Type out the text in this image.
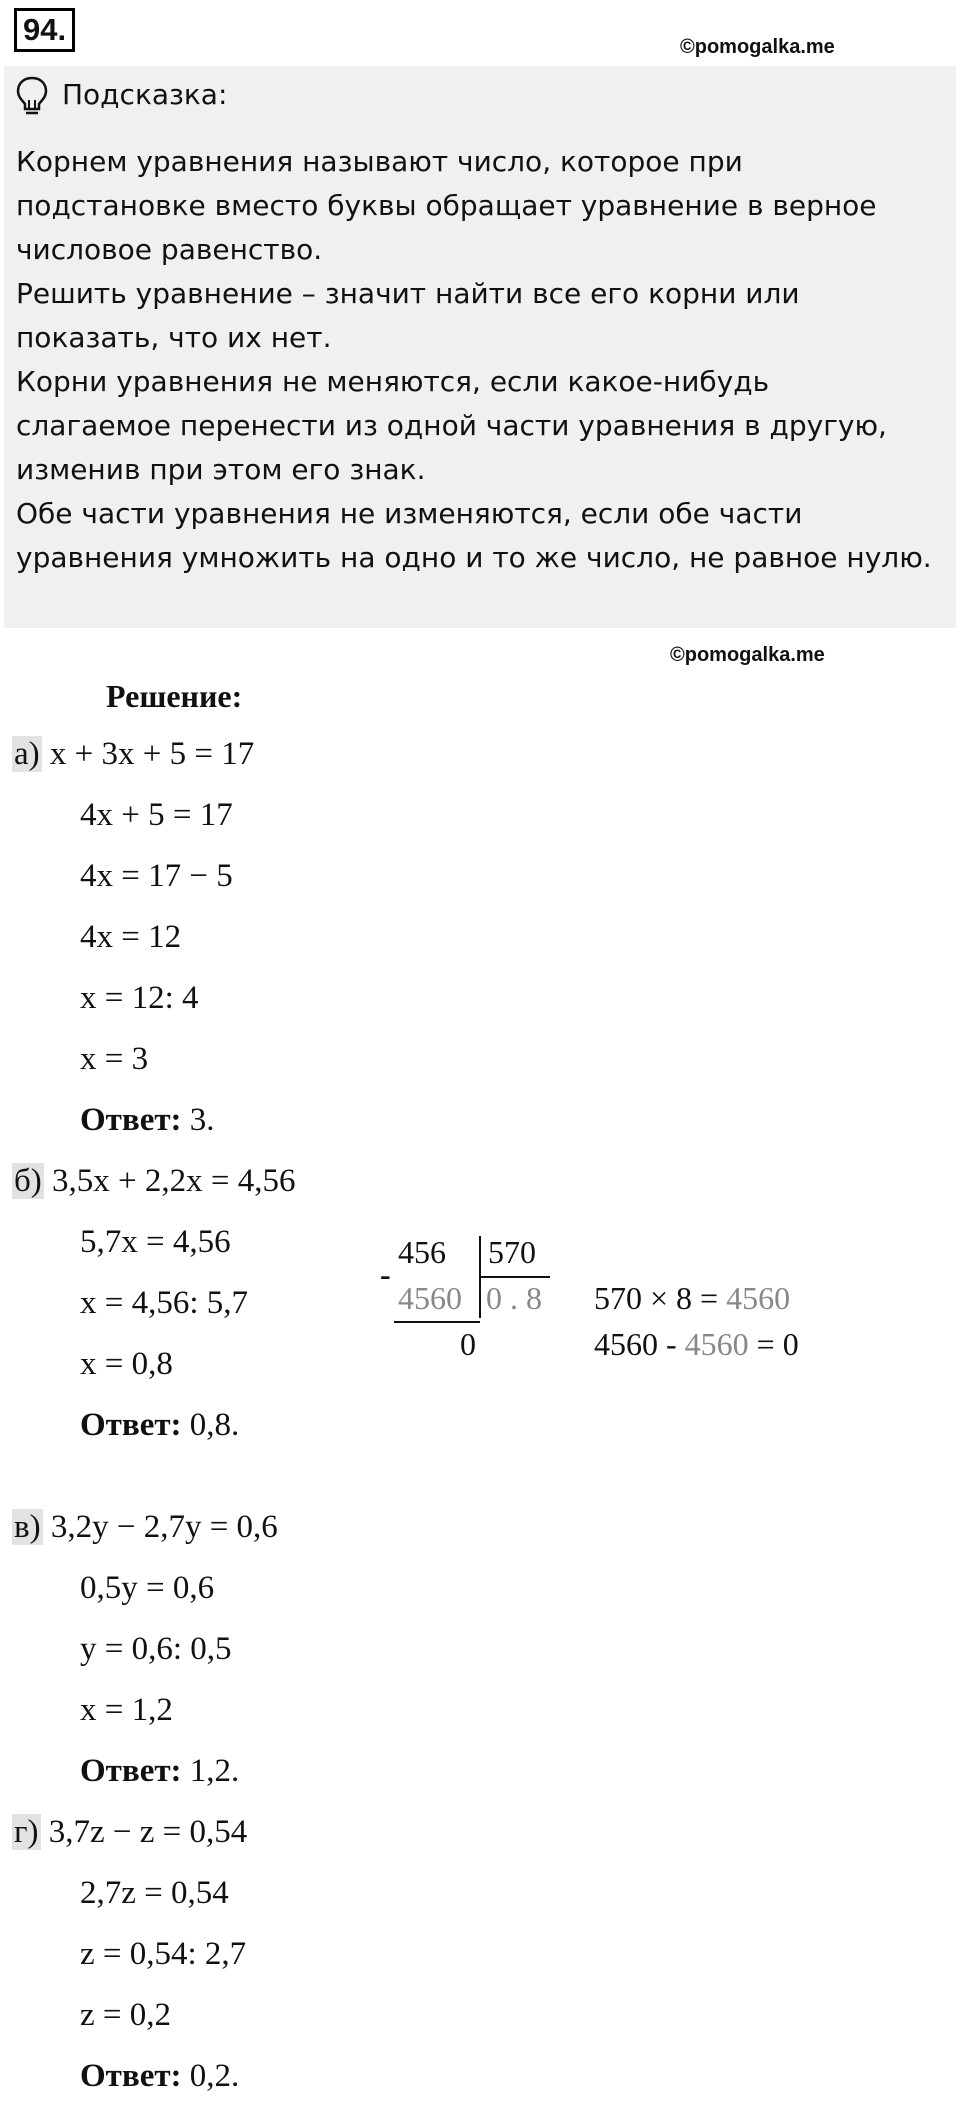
94.	©pomogalka.me
Подсказка:
Корнем уравнения называют число, которое при
подстановке вместо буквы обращает уравнение в верное
числовое равенство.
Решить уравнение – значит найти все его корни или
показать, что их нет.
Корни уравнения не меняются, если какое-нибудь
слагаемое перенести из одной части уравнения в другую,
изменив при этом его знак.
Обе части уравнения не изменяются, если обе части
уравнения умножить на одно и то же число, не равное нулю.
©pomogalka.me
Решение:
а) x + 3x + 5 = 17
4x + 5 = 17
4x = 17 − 5
4x = 12
x = 12: 4
x = 3
Ответ: 3.
б) 3,5x + 2,2x = 4,56
5,7x = 4,56
x = 4,56: 5,7
x = 0,8
Ответ: 0,8.
456 570
-
4560 0 . 8
0
570 × 8 = 4560
4560 - 4560 = 0
в) 3,2y − 2,7y = 0,6
0,5y = 0,6
y = 0,6: 0,5
x = 1,2
Ответ: 1,2.
г) 3,7z − z = 0,54
2,7z = 0,54
z = 0,54: 2,7
z = 0,2
Ответ: 0,2.
